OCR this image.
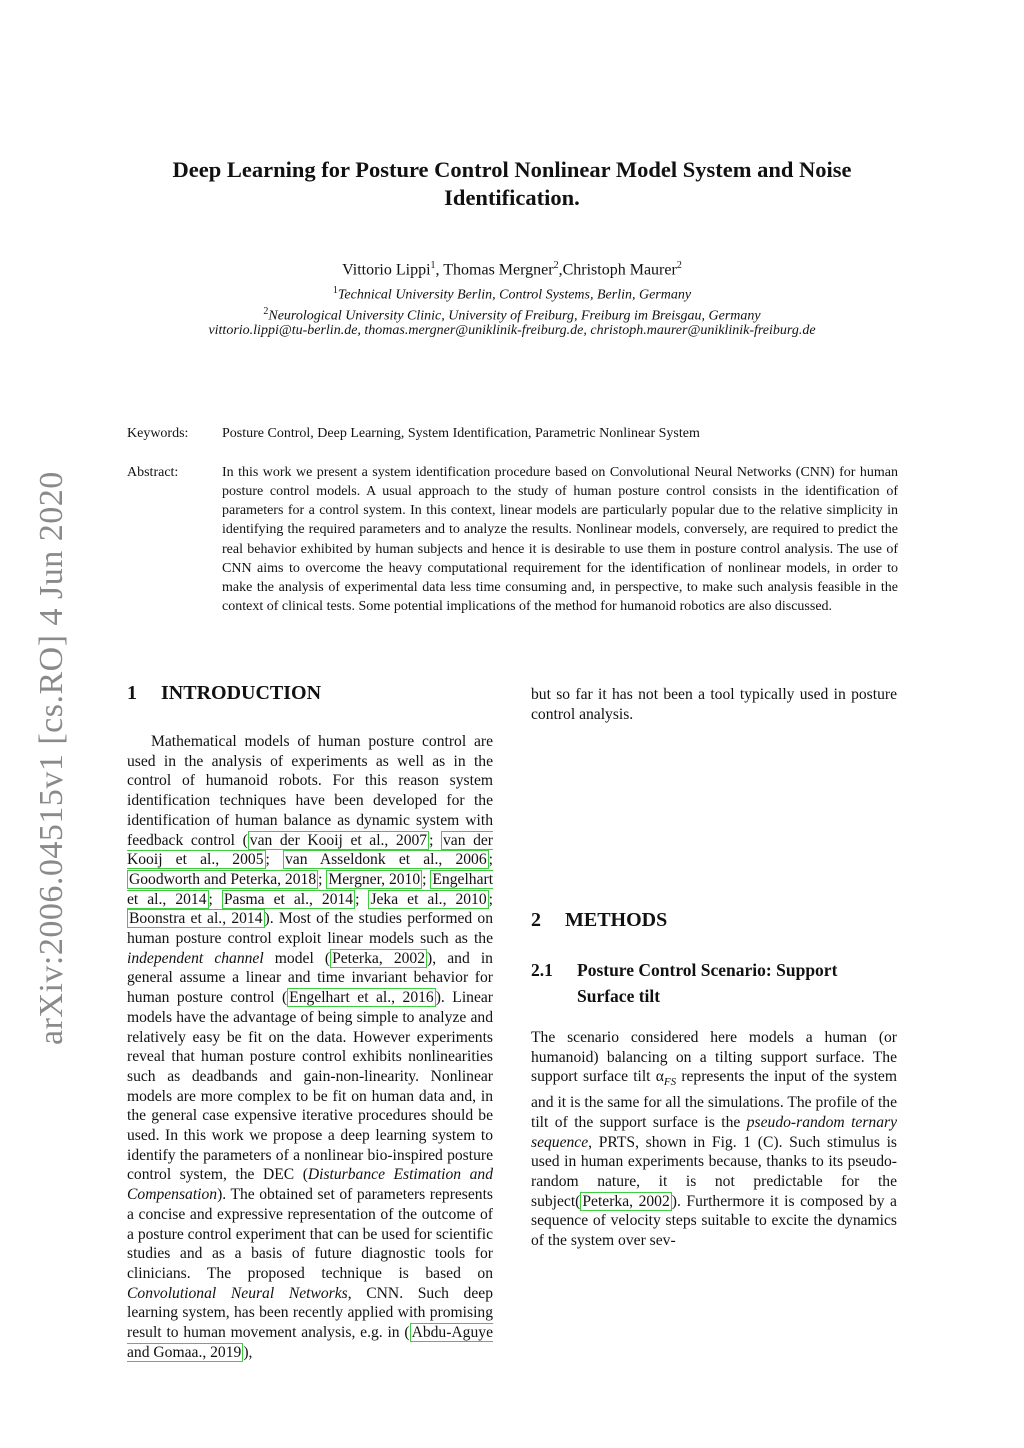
arXiv:2006.04515v1 [cs.RO] 4 Jun 2020
Deep Learning for Posture Control Nonlinear Model System and Noise
Identification.
Vittorio Lippi$^1$, Thomas Mergner$^2$,Christoph Maurer$^2$
$^1$Technical University Berlin, Control Systems, Berlin, Germany
$^2$Neurological University Clinic, University of Freiburg, Freiburg im Breisgau, Germany
vittorio.lippi@tu-berlin.de, thomas.mergner@uniklinik-freiburg.de, christoph.maurer@uniklinik-freiburg.de
Keywords: Posture Control, Deep Learning, System Identification, Parametric Nonlinear System
Abstract:	In this work we present a system identification procedure based on Convolutional Neural Networks (CNN) for human posture control models. A usual approach to the study of human posture control consists in the identification of parameters for a control system. In this context, linear models are particularly popular due to the relative simplicity in identifying the required parameters and to analyze the results. Nonlinear models, conversely, are required to predict the real behavior exhibited by human subjects and hence it is desirable to use them in posture control analysis. The use of CNN aims to overcome the heavy computational requirement for the identification of nonlinear models, in order to make the analysis of experimental data less time consuming and, in perspective, to make such analysis feasible in the context of clinical tests. Some potential implications of the method for humanoid robotics are also discussed.
1 INTRODUCTION

Mathematical models of human posture control are used in the analysis of experiments as well as in the control of humanoid robots. For this reason system identification techniques have been developed for the identification of human balance as dynamic system with feedback control ( van der Kooij et al., 2007 ; van der Kooij et al., 2005 ; van Asseldonk et al., 2006 ; Goodworth and Peterka, 2018 ; Mergner, 2010 ; Engelhart et al., 2014 ; Pasma et al., 2014 ; Jeka et al., 2010 ; Boonstra et al., 2014 ). Most of the studies performed on human posture control exploit linear models such as the independent channel model ( Peterka, 2002 ), and in general assume a linear and time invariant behavior for human posture control ( Engelhart et al., 2016 ). Linear models have the advantage of being simple to analyze and relatively easy be fit on the data. However experiments reveal that human posture control exhibits nonlinearities such as deadbands and gain-non-linearity. Nonlinear models are more complex to be fit on human data and, in the general case expensive iterative procedures should be used. In this work we propose a deep learning system to identify the parameters of a nonlinear bio-inspired posture control system, the DEC (Disturbance Estimation and Compensation). The obtained set of parameters represents a concise and expressive representation of the outcome of a posture control experiment that can be used for scientific studies and as a basis of future diagnostic tools for clinicians. The proposed technique is based on Convolutional Neural Networks, CNN. Such deep learning system, has been recently applied with promising result to human movement analysis, e.g. in ( Abdu-Aguye and Gomaa., 2019 ),

2 METHODS
2.1 Posture Control Scenario: Support Surface tilt

The scenario considered here models a human (or humanoid) balancing on a tilting support surface. The support surface tilt $\alpha_{FS}$ represents the input of the system and it is the same for all the simulations. The profile of the tilt of the support surface is the pseudo-random ternary sequence, PRTS, shown in Fig. 1 (C). Such stimulus is used in human experiments because, thanks to its pseudo-random nature, it is not predictable for the subject( Peterka, 2002 ). Furthermore it is composed by a sequence of velocity steps suitable to excite the dynamics of the system over sev-

but so far it has not been a tool typically used in posture control analysis.
